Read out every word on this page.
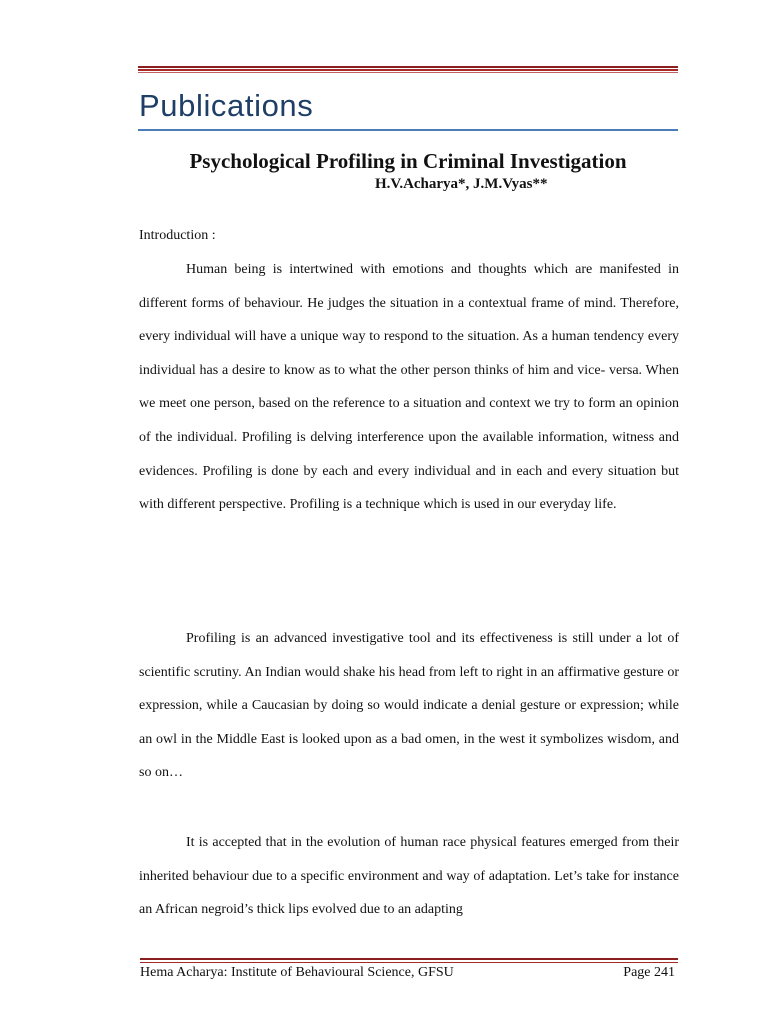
Publications
Psychological Profiling in Criminal Investigation
H.V.Acharya*, J.M.Vyas**
Introduction :

Human being is intertwined with emotions and thoughts which are manifested in different forms of behaviour. He judges the situation in a contextual frame of mind. Therefore, every individual will have a unique way to respond to the situation. As a human tendency every individual has a desire to know as to what the other person thinks of him and vice- versa. When we meet one person, based on the reference to a situation and context we try to form an opinion of the individual. Profiling is delving interference upon the available information, witness and evidences. Profiling is done by each and every individual and in each and every situation but with different perspective. Profiling is a technique which is used in our everyday life.

Profiling is an advanced investigative tool and its effectiveness is still under a lot of scientific scrutiny. An Indian would shake his head from left to right in an affirmative gesture or expression, while a Caucasian by doing so would indicate a denial gesture or expression; while an owl in the Middle East is looked upon as a bad omen, in the west it symbolizes wisdom, and so on…

It is accepted that in the evolution of human race physical features emerged from their inherited behaviour due to a specific environment and way of adaptation. Let’s take for instance an African negroid’s thick lips evolved due to an adapting

Hema Acharya: Institute of Behavioural Science, GFSU	Page 241
